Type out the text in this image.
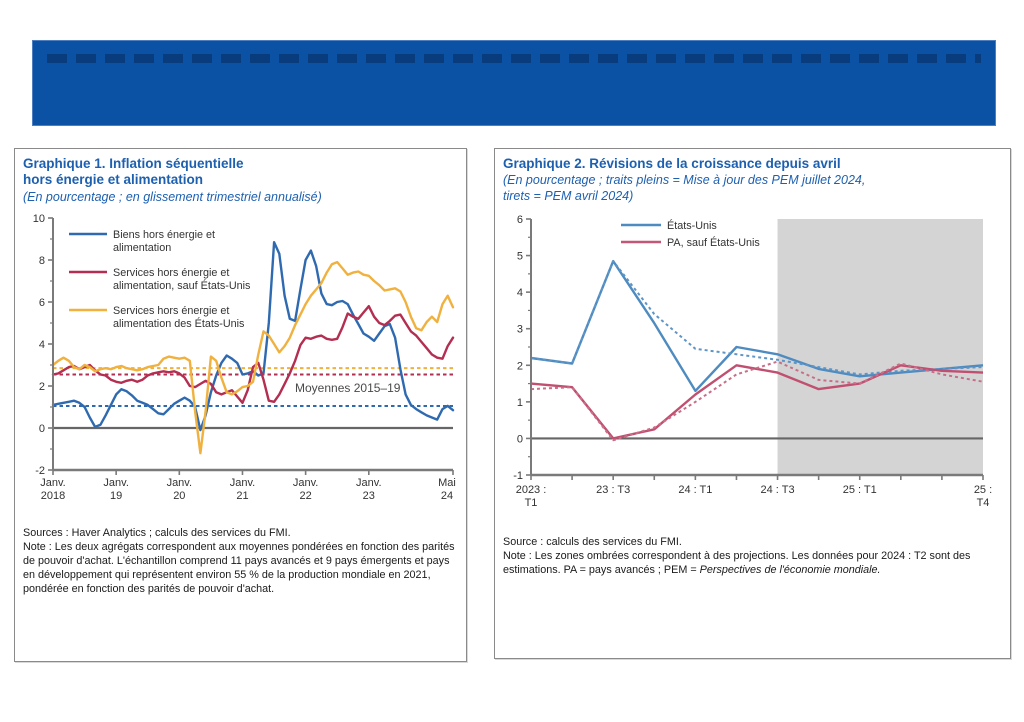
Graphique 1. Inflation séquentielle
hors énergie et alimentation

(En pourcentage ; en glissement trimestriel annualisé)

-2
0
2
4
6
8
10
Janv.
2018
Janv.
19
Janv.
20
Janv.
21
Janv.
22
Janv.
23
Mai
24
Biens hors énergie et
alimentation
Services hors énergie et
alimentation, sauf États-Unis
Services hors énergie et
alimentation des États-Unis
Moyennes 2015–19

Sources : Haver Analytics ; calculs des services du FMI.

Note : Les deux agrégats correspondent aux moyennes pondérées en fonction des parités de pouvoir d'achat. L'échantillon comprend 11 pays avancés et 9 pays émergents et pays en développement qui représentent environ 55 % de la production mondiale en 2021, pondérée en fonction des parités de pouvoir d'achat.

Graphique 2. Révisions de la croissance depuis avril

(En pourcentage ; traits pleins = Mise à jour des PEM juillet 2024,
tirets = PEM avril 2024)

-1
0
1
2
3
4
5
6
2023 :
T1
23 : T3	24 : T1	24 : T3	25 : T1	25 :
T4
États-Unis
PA, sauf États-Unis

Source : calculs des services du FMI.

Note : Les zones ombrées correspondent à des projections. Les données pour 2024 : T2 sont des estimations. PA = pays avancés ; PEM = Perspectives de l'économie mondiale.
